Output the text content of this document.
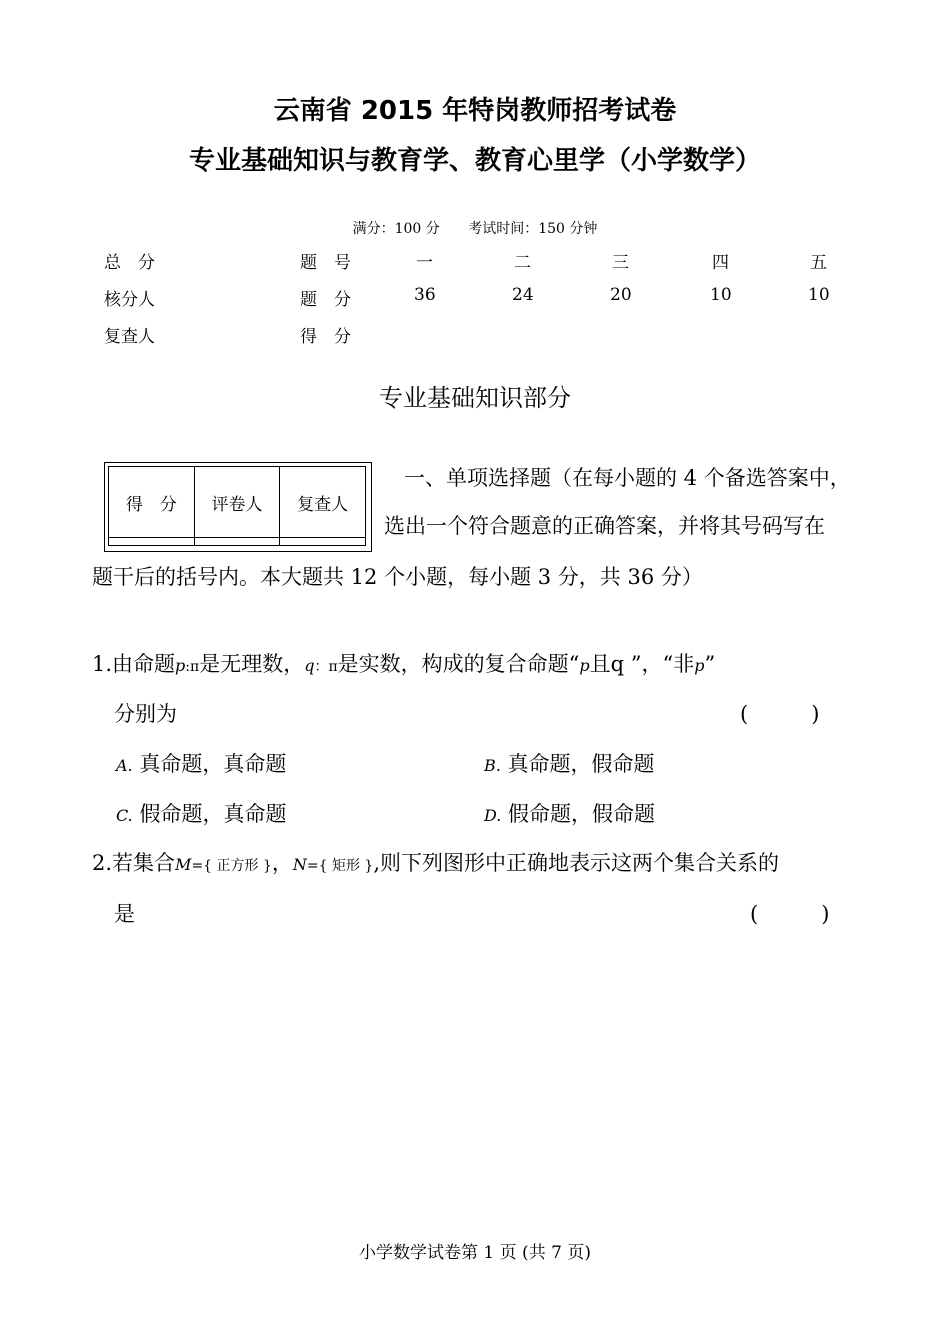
云南省 2015 年特岗教师招考试卷
专业基础知识与教育学、教育心里学（小学数学）
满分：100 分 考试时间：150 分钟
总　分	题　号	一	二	三	四	五
核分人	题　分	36	24	20	10	10
复查人	得　分
专业基础知识部分
得　分	评卷人	复查人

一、单项选择题（在每小题的 4 个备选答案中，
选出一个符合题意的正确答案，并将其号码写在
题干后的括号内。本大题共 12 个小题，每小题 3 分，共 36 分）
1.由命题p:π是无理数，q：π是实数，构成的复合命题“p且q ”，“非p”
分别为	(　　　)
A. 真命题，真命题	B. 真命题，假命题
C. 假命题，真命题	D. 假命题，假命题
2.若集合M={ 正方形 }，N={ 矩形 },则下列图形中正确地表示这两个集合关系的
是	(　　　)
小学数学试卷第 1 页 (共 7 页)
